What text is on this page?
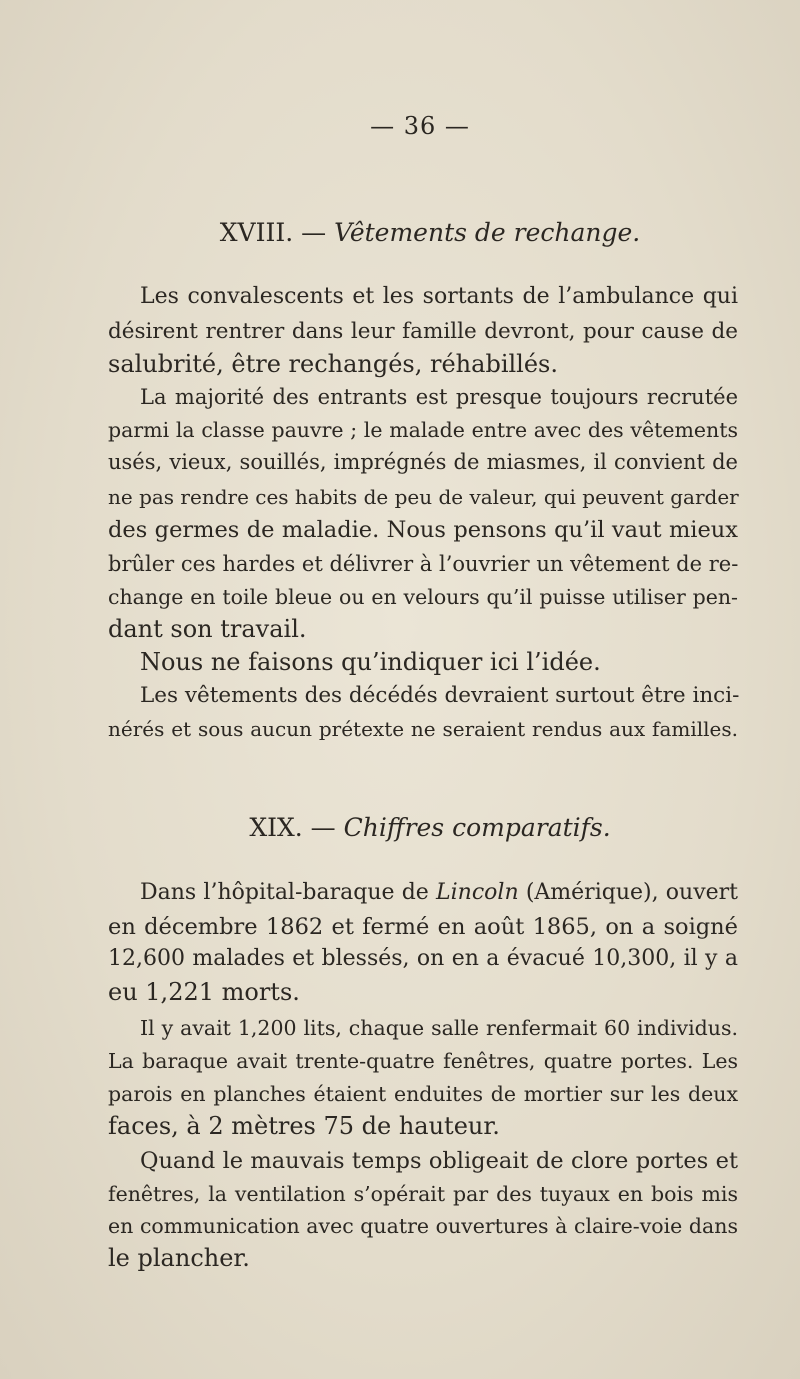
— 36 —
XVIII. — Vêtements de rechange.
Les convalescents et les sortants de l’ambulance qui
désirent rentrer dans leur famille devront, pour cause de
salubrité, être rechangés, réhabillés.
La majorité des entrants est presque toujours recrutée
parmi la classe pauvre ; le malade entre avec des vêtements
usés, vieux, souillés, imprégnés de miasmes, il convient de
ne pas rendre ces habits de peu de valeur, qui peuvent garder
des germes de maladie. Nous pensons qu’il vaut mieux
brûler ces hardes et délivrer à l’ouvrier un vêtement de re-
change en toile bleue ou en velours qu’il puisse utiliser pen-
dant son travail.
Nous ne faisons qu’indiquer ici l’idée.
Les vêtements des décédés devraient surtout être inci-
nérés et sous aucun prétexte ne seraient rendus aux familles.
XIX. — Chiffres comparatifs.
Dans l’hôpital-baraque de Lincoln (Amérique), ouvert
en décembre 1862 et fermé en août 1865, on a soigné
12,600 malades et blessés, on en a évacué 10,300, il y a
eu 1,221 morts.
Il y avait 1,200 lits, chaque salle renfermait 60 individus.
La baraque avait trente-quatre fenêtres, quatre portes. Les
parois en planches étaient enduites de mortier sur les deux
faces, à 2 mètres 75 de hauteur.
Quand le mauvais temps obligeait de clore portes et
fenêtres, la ventilation s’opérait par des tuyaux en bois mis
en communication avec quatre ouvertures à claire-voie dans
le plancher.
